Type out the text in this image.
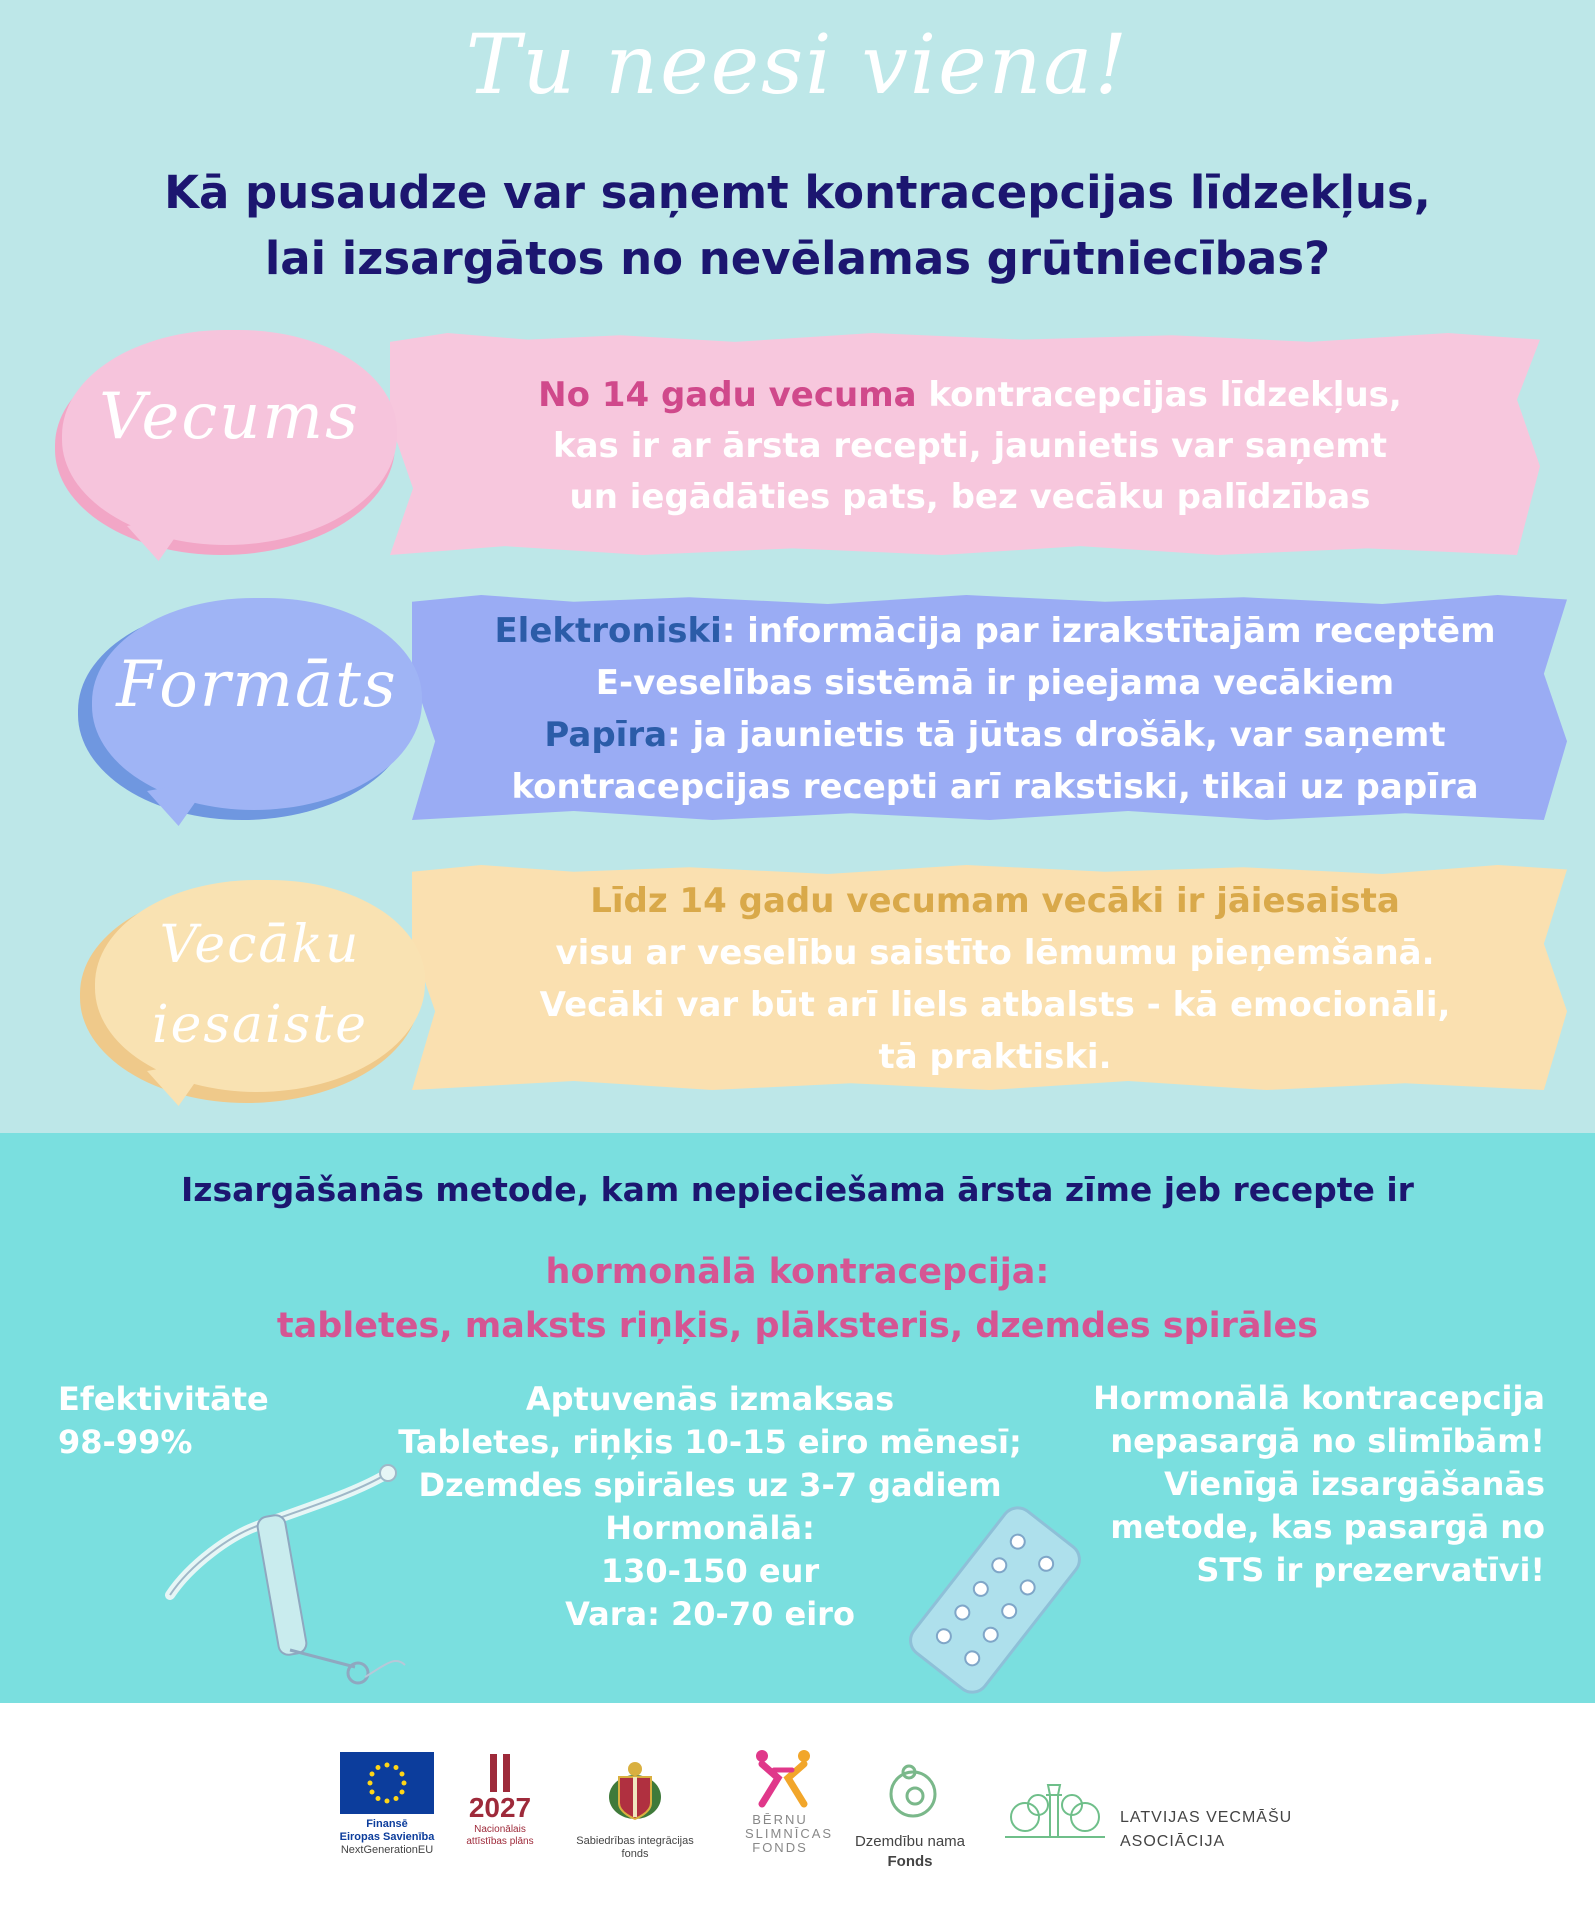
Tu neesi viena!
Kā pusaudze var saņemt kontracepcijas līdzekļus,
lai izsargātos no nevēlamas grūtniecības?
Vecums	No 14 gadu vecuma kontracepcijas līdzekļus,
kas ir ar ārsta recepti, jaunietis var saņemt
un iegādāties pats, bez vecāku palīdzības
Formāts
Elektroniski: informācija par izrakstītajām receptēm
E-veselības sistēmā ir pieejama vecākiem
Papīra: ja jaunietis tā jūtas drošāk, var saņemt
kontracepcijas recepti arī rakstiski, tikai uz papīra
Vecāku
iesaiste
Līdz 14 gadu vecumam vecāki ir jāiesaista
visu ar veselību saistīto lēmumu pieņemšanā.
Vecāki var būt arī liels atbalsts - kā emocionāli,
tā praktiski.
Izsargāšanās metode, kam nepieciešama ārsta zīme jeb recepte ir
hormonālā kontracepcija:
tabletes, maksts riņķis, plāksteris, dzemdes spirāles
Efektivitāte
98-99%
Aptuvenās izmaksas
Tabletes, riņķis 10-15 eiro mēnesī;
Dzemdes spirāles uz 3-7 gadiem
Hormonālā:
130-150 eur
Vara: 20-70 eiro
Hormonālā kontracepcija
nepasargā no slimībām!
Vienīgā izsargāšanās
metode, kas pasargā no
STS ir prezervatīvi!
Finansē
Eiropas Savienība
NextGenerationEU
2027
Nacionālais
attīstības plāns	Sabiedrības integrācijas
fonds
BĒRNU
SLIMNĪCAS
FONDS	Dzemdību nama
Fonds
LATVIJAS VECMĀŠU
ASOCIĀCIJA
